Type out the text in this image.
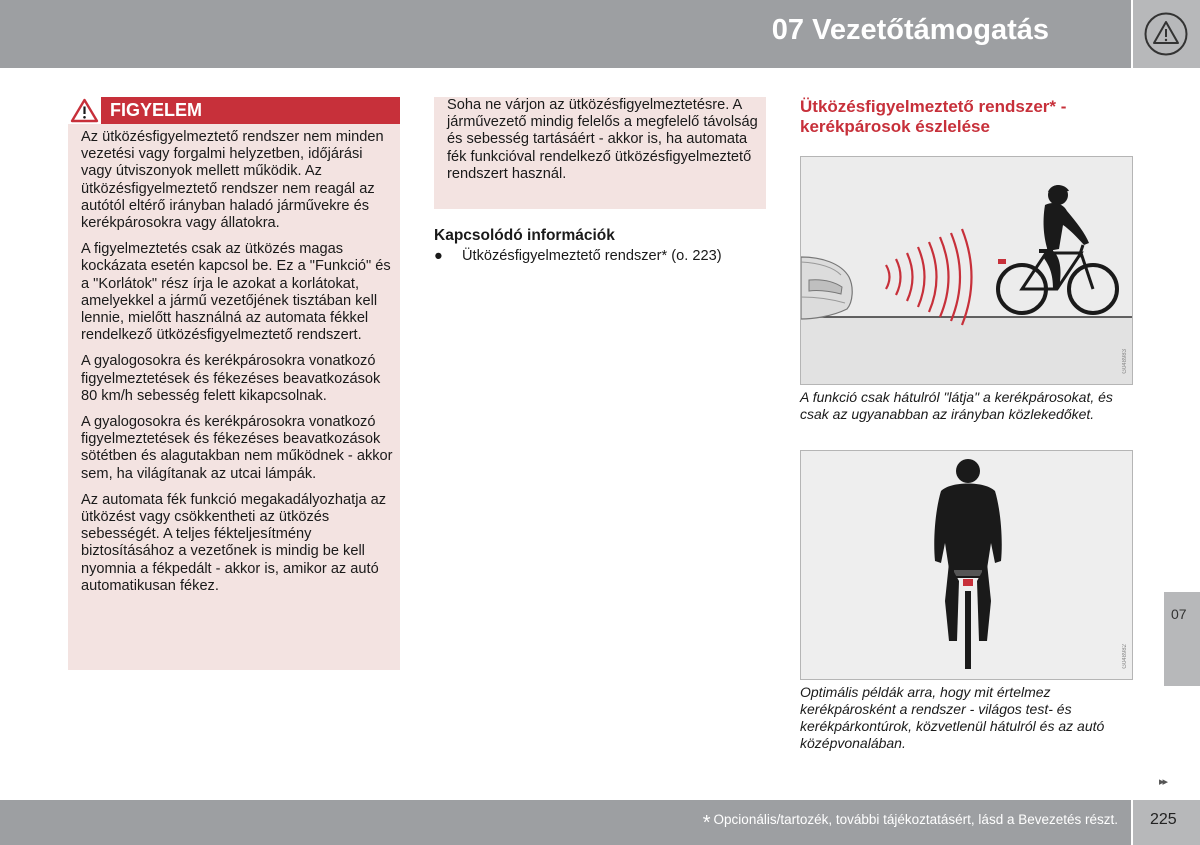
07 Vezetőtámogatás
FIGYELEM

Az ütközésfigyelmeztető rendszer nem minden vezetési vagy forgalmi helyzetben, időjárási vagy útviszonyok mellett működik. Az ütközésfigyelmeztető rendszer nem reagál az autótól eltérő irányban haladó járművekre és kerékpárosokra vagy állatokra.

A figyelmeztetés csak az ütközés magas kockázata esetén kapcsol be. Ez a "Funkció" és a "Korlátok" rész írja le azokat a korlátokat, amelyekkel a jármű vezetőjének tisztában kell lennie, mielőtt használná az automata fékkel rendelkező ütközésfigyelmeztető rendszert.

A gyalogosokra és kerékpárosokra vonatkozó figyelmeztetések és fékezéses beavatkozások 80 km/h sebesség felett kikapcsolnak.

A gyalogosokra és kerékpárosokra vonatkozó figyelmeztetések és fékezéses beavatkozások sötétben és alagutakban nem működnek - akkor sem, ha világítanak az utcai lámpák.

Az automata fék funkció megakadályozhatja az ütközést vagy csökkentheti az ütközés sebességét. A teljes fékteljesítmény biztosításához a vezetőnek is mindig be kell nyomnia a fékpedált - akkor is, amikor az autó automatikusan fékez.

Soha ne várjon az ütközésfigyelmeztetésre. A járművezető mindig felelős a megfelelő távolság és sebesség tartásáért - akkor is, ha automata fék funkcióval rendelkező ütközésfigyelmeztető rendszert használ.

Kapcsolódó információk
● Ütközésfigyelmeztető rendszer* (o. 223)
Ütközésfigyelmeztető rendszer* -
kerékpárosok észlelése
G048983

A funkció csak hátulról "látja" a kerékpárosokat, és csak az ugyanabban az irányban közlekedőket.

G048982

Optimális példák arra, hogy mit értelmez kerékpárosként a rendszer - világos test- és kerékpárkontúrok, közvetlenül hátulról és az autó középvonalában.

07
▸▸
* Opcionális/tartozék, további tájékoztatásért, lásd a Bevezetés részt. 225
